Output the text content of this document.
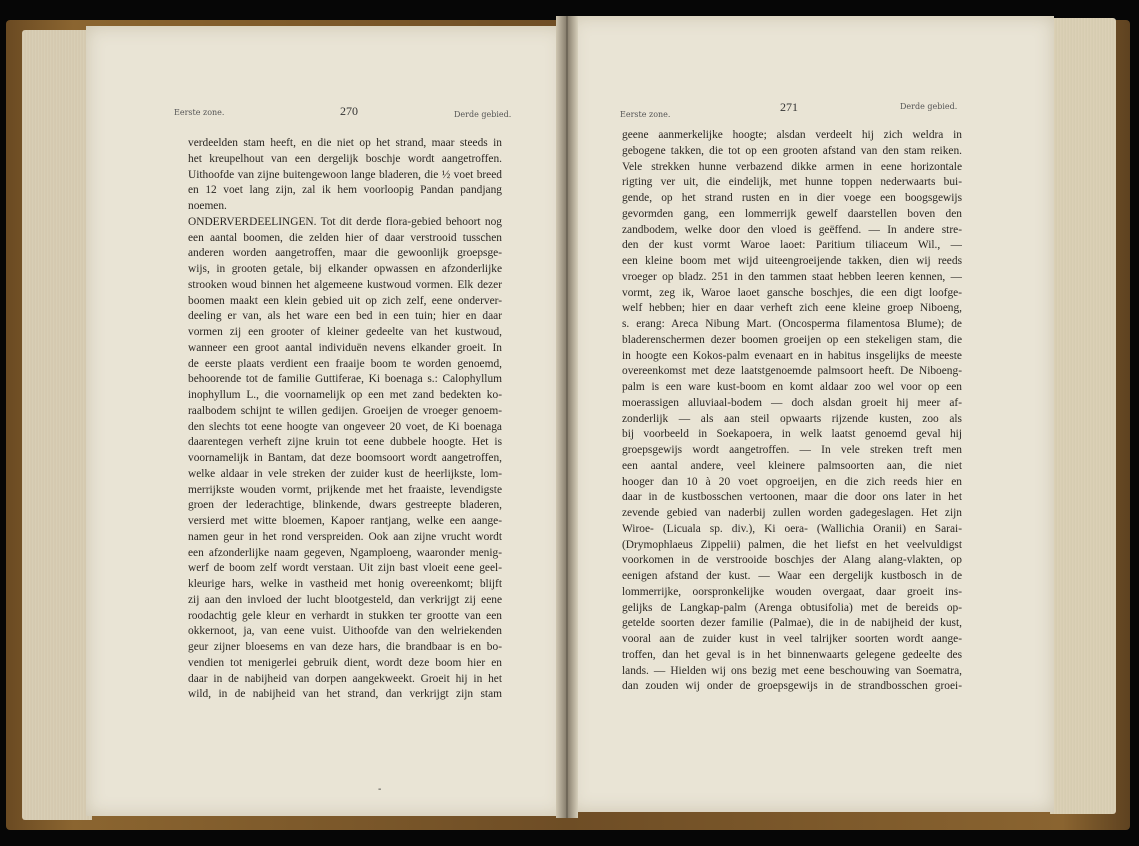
Eerste zone.	270	Derde gebied.
verdeelden stam heeft, en die niet op het strand, maar steeds in
het kreupelhout van een dergelijk boschje wordt aangetroffen.
Uithoofde van zijne buitengewoon lange bladeren, die ½ voet breed
en 12 voet lang zijn, zal ik hem voorloopig Pandan pandjang
noemen.
ONDERVERDEELINGEN. Tot dit derde flora-gebied behoort nog
een aantal boomen, die zelden hier of daar verstrooid tusschen
anderen worden aangetroffen, maar die gewoonlijk groepsge-
wijs, in grooten getale, bij elkander opwassen en afzonderlijke
strooken woud binnen het algemeene kustwoud vormen. Elk dezer
boomen maakt een klein gebied uit op zich zelf, eene onderver-
deeling er van, als het ware een bed in een tuin; hier en daar
vormen zij een grooter of kleiner gedeelte van het kustwoud,
wanneer een groot aantal individuën nevens elkander groeit. In
de eerste plaats verdient een fraaije boom te worden genoemd,
behoorende tot de familie Guttiferae, Ki boenaga s.: Calophyllum
inophyllum L., die voornamelijk op een met zand bedekten ko-
raalbodem schijnt te willen gedijen. Groeijen de vroeger genoem-
den slechts tot eene hoogte van ongeveer 20 voet, de Ki boenaga
daarentegen verheft zijne kruin tot eene dubbele hoogte. Het is
voornamelijk in Bantam, dat deze boomsoort wordt aangetroffen,
welke aldaar in vele streken der zuider kust de heerlijkste, lom-
merrijkste wouden vormt, prijkende met het fraaiste, levendigste
groen der lederachtige, blinkende, dwars gestreepte bladeren,
versierd met witte bloemen, Kapoer rantjang, welke een aange-
namen geur in het rond verspreiden. Ook aan zijne vrucht wordt
een afzonderlijke naam gegeven, Ngamploeng, waaronder menig-
werf de boom zelf wordt verstaan. Uit zijn bast vloeit eene geel-
kleurige hars, welke in vastheid met honig overeenkomt; blijft
zij aan den invloed der lucht blootgesteld, dan verkrijgt zij eene
roodachtig gele kleur en verhardt in stukken ter grootte van een
okkernoot, ja, van eene vuist. Uithoofde van den welriekenden
geur zijner bloesems en van deze hars, die brandbaar is en bo-
vendien tot menigerlei gebruik dient, wordt deze boom hier en
daar in de nabijheid van dorpen aangekweekt. Groeit hij in het
wild, in de nabijheid van het strand, dan verkrijgt zijn stam
Eerste zone.
271	Derde gebied.
geene aanmerkelijke hoogte; alsdan verdeelt hij zich weldra in
gebogene takken, die tot op een grooten afstand van den stam reiken.
Vele strekken hunne verbazend dikke armen in eene horizontale
rigting ver uit, die eindelijk, met hunne toppen nederwaarts bui-
gende, op het strand rusten en in dier voege een boogsgewijs
gevormden gang, een lommerrijk gewelf daarstellen boven den
zandbodem, welke door den vloed is geëffend. — In andere stre-
den der kust vormt Waroe laoet: Paritium tiliaceum Wil., —
een kleine boom met wijd uiteengroeijende takken, dien wij reeds
vroeger op bladz. 251 in den tammen staat hebben leeren kennen, —
vormt, zeg ik, Waroe laoet gansche boschjes, die een digt loofge-
welf hebben; hier en daar verheft zich eene kleine groep Niboeng,
s. erang: Areca Nibung Mart. (Oncosperma filamentosa Blume); de
bladerenschermen dezer boomen groeijen op een stekeligen stam, die
in hoogte een Kokos-palm evenaart en in habitus insgelijks de meeste
overeenkomst met deze laatstgenoemde palmsoort heeft. De Niboeng-
palm is een ware kust-boom en komt aldaar zoo wel voor op een
moerassigen alluviaal-bodem — doch alsdan groeit hij meer af-
zonderlijk — als aan steil opwaarts rijzende kusten, zoo als
bij voorbeeld in Soekapoera, in welk laatst genoemd geval hij
groepsgewijs wordt aangetroffen. — In vele streken treft men
een aantal andere, veel kleinere palmsoorten aan, die niet
hooger dan 10 à 20 voet opgroeijen, en die zich reeds hier en
daar in de kustbosschen vertoonen, maar die door ons later in het
zevende gebied van naderbij zullen worden gadegeslagen. Het zijn
Wiroe- (Licuala sp. div.), Ki oera- (Wallichia Oranii) en Sarai-
(Drymophlaeus Zippelii) palmen, die het liefst en het veelvuldigst
voorkomen in de verstrooide boschjes der Alang alang-vlakten, op
eenigen afstand der kust. — Waar een dergelijk kustbosch in de
lommerrijke, oorspronkelijke wouden overgaat, daar groeit ins-
gelijks de Langkap-palm (Arenga obtusifolia) met de bereids op-
getelde soorten dezer familie (Palmae), die in de nabijheid der kust,
vooral aan de zuider kust in veel talrijker soorten wordt aange-
troffen, dan het geval is in het binnenwaarts gelegene gedeelte des
lands. — Hielden wij ons bezig met eene beschouwing van Soematra,
dan zouden wij onder de groepsgewijs in de strandbosschen groei-
-
